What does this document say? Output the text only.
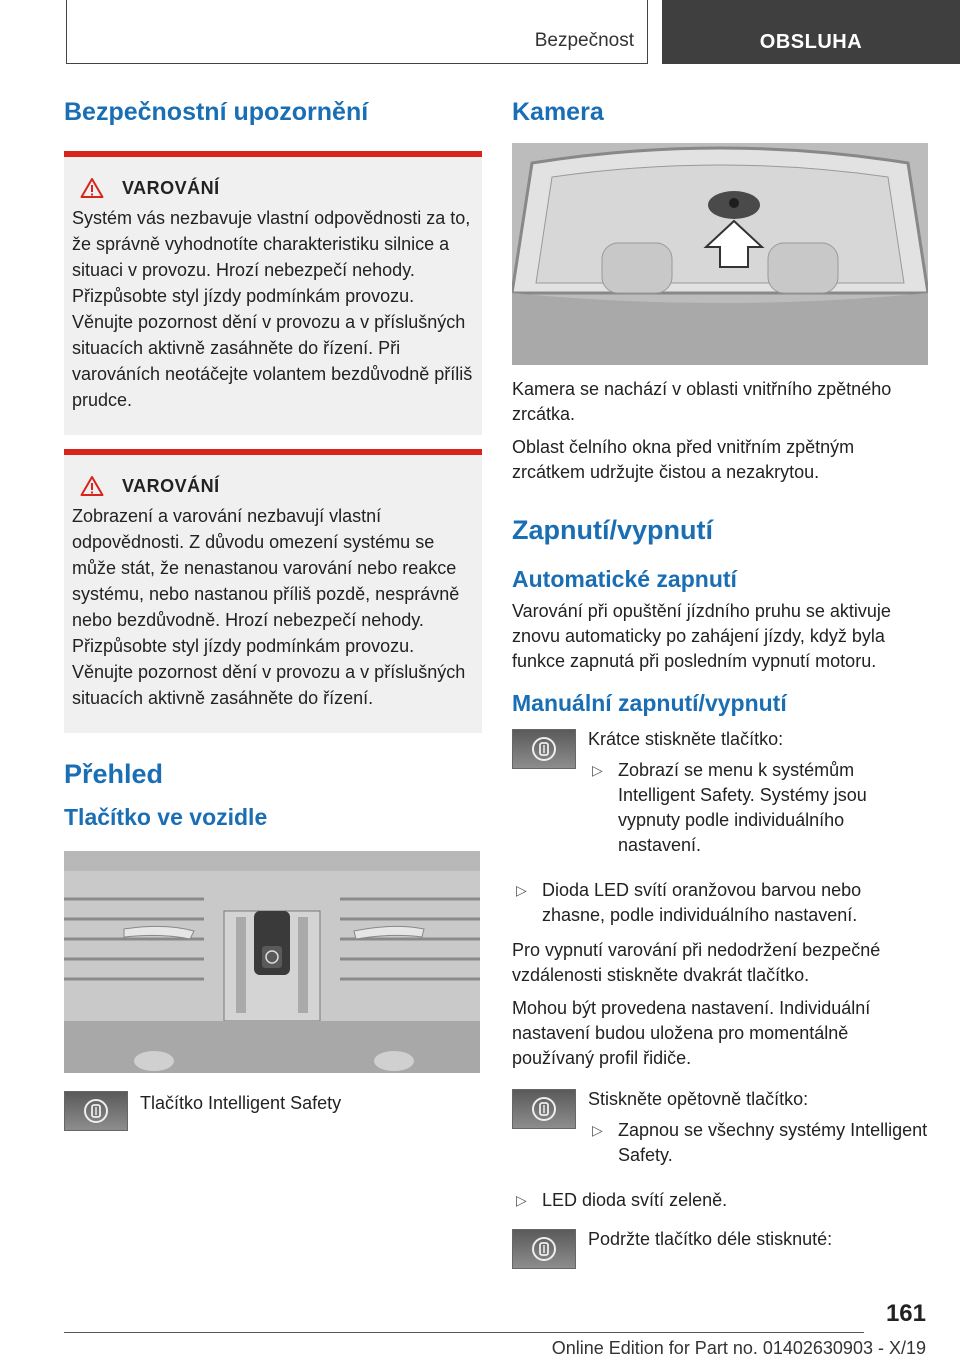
Bezpečnost	OBSLUHA
Bezpečnostní upozornění
VAROVÁNÍ
Systém vás nezbavuje vlastní odpovědnosti za to, že správně vyhodnotíte charakteristiku silnice a situaci v provozu. Hrozí nebezpečí nehody. Přizpůsobte styl jízdy podmínkám provozu. Věnujte pozornost dění v provozu a v příslušných situacích aktivně zasáhněte do řízení. Při varováních neotáčejte volantem bezdůvodně příliš prudce.
VAROVÁNÍ
Zobrazení a varování nezbavují vlastní odpovědnosti. Z důvodu omezení systému se může stát, že nenastanou varování nebo reakce systému, nebo nastanou příliš pozdě, nesprávně nebo bezdůvodně. Hrozí nebezpečí nehody. Přizpůsobte styl jízdy podmínkám provozu. Věnujte pozornost dění v provozu a v příslušných situacích aktivně zasáhněte do řízení.
Přehled
Tlačítko ve vozidle
Tlačítko Intelligent Safety
Kamera

Kamera se nachází v oblasti vnitřního zpětného zrcátka.

Oblast čelního okna před vnitřním zpětným zrcátkem udržujte čistou a nezakrytou.

Zapnutí/vypnutí
Automatické zapnutí

Varování při opuštění jízdního pruhu se aktivuje znovu automaticky po zahájení jízdy, když byla funkce zapnutá při posledním vypnutí motoru.

Manuální zapnutí/vypnutí
Krátce stiskněte tlačítko:
▷ Zobrazí se menu k systémům Intelligent Safety. Systémy jsou vypnuty podle individuálního nastavení.
▷ Dioda LED svítí oranžovou barvou nebo zhasne, podle individuálního nastavení.

Pro vypnutí varování při nedodržení bezpečné vzdálenosti stiskněte dvakrát tlačítko.

Mohou být provedena nastavení. Individuální nastavení budou uložena pro momentálně používaný profil řidiče.

Stiskněte opětovně tlačítko:
▷ Zapnou se všechny systémy Intelligent Safety.
▷ LED dioda svítí zeleně.
Podržte tlačítko déle stisknuté:
161
Online Edition for Part no. 01402630903 - X/19
